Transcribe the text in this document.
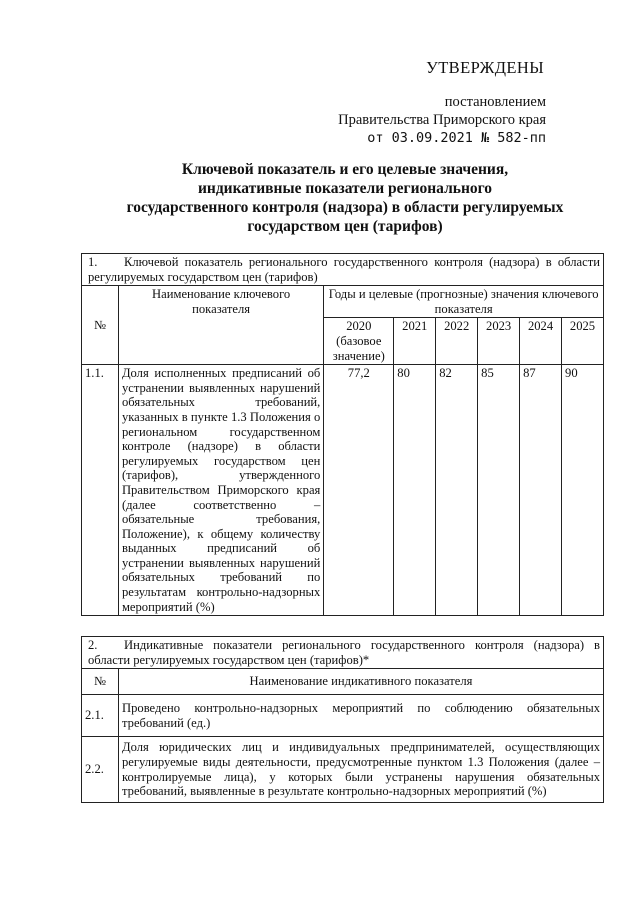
УТВЕРЖДЕНЫ
постановлением
Правительства Приморского края
от 03.09.2021 № 582-пп
Ключевой показатель и его целевые значения,
индикативные показатели регионального
государственного контроля (надзора) в области регулируемых
государством цен (тарифов)
1. Ключевой показатель регионального государственного контроля (надзора) в области регулируемых государством цен (тарифов)							
№	Наименование ключевого показателя	Годы и целевые (прогнозные) значения ключевого показателя					
		2020 (базовое значение)	2021	2022	2023	2024	2025
1.1.	Доля исполненных предписаний об устранении выявленных нарушений обязательных требований, указанных в пункте 1.3 Положения о региональном государственном контроле (надзоре) в области регулируемых государством цен (тарифов), утвержденного Правительством Приморского края (далее соответственно – обязательные требования, Положение), к общему количеству выданных предписаний об устранении выявленных нарушений обязательных требований по результатам контрольно-надзорных мероприятий (%)	77,2	80	82	85	87	90
2. Индикативные показатели регионального государственного контроля (надзора) в области регулируемых государством цен (тарифов)*	
№	Наименование индикативного показателя
2.1.	Проведено контрольно-надзорных мероприятий по соблюдению обязательных требований (ед.)
2.2.	Доля юридических лиц и индивидуальных предпринимателей, осуществляющих регулируемые виды деятельности, предусмотренные пунктом 1.3 Положения (далее – контролируемые лица), у которых были устранены нарушения обязательных требований, выявленные в результате контрольно-надзорных мероприятий (%)
